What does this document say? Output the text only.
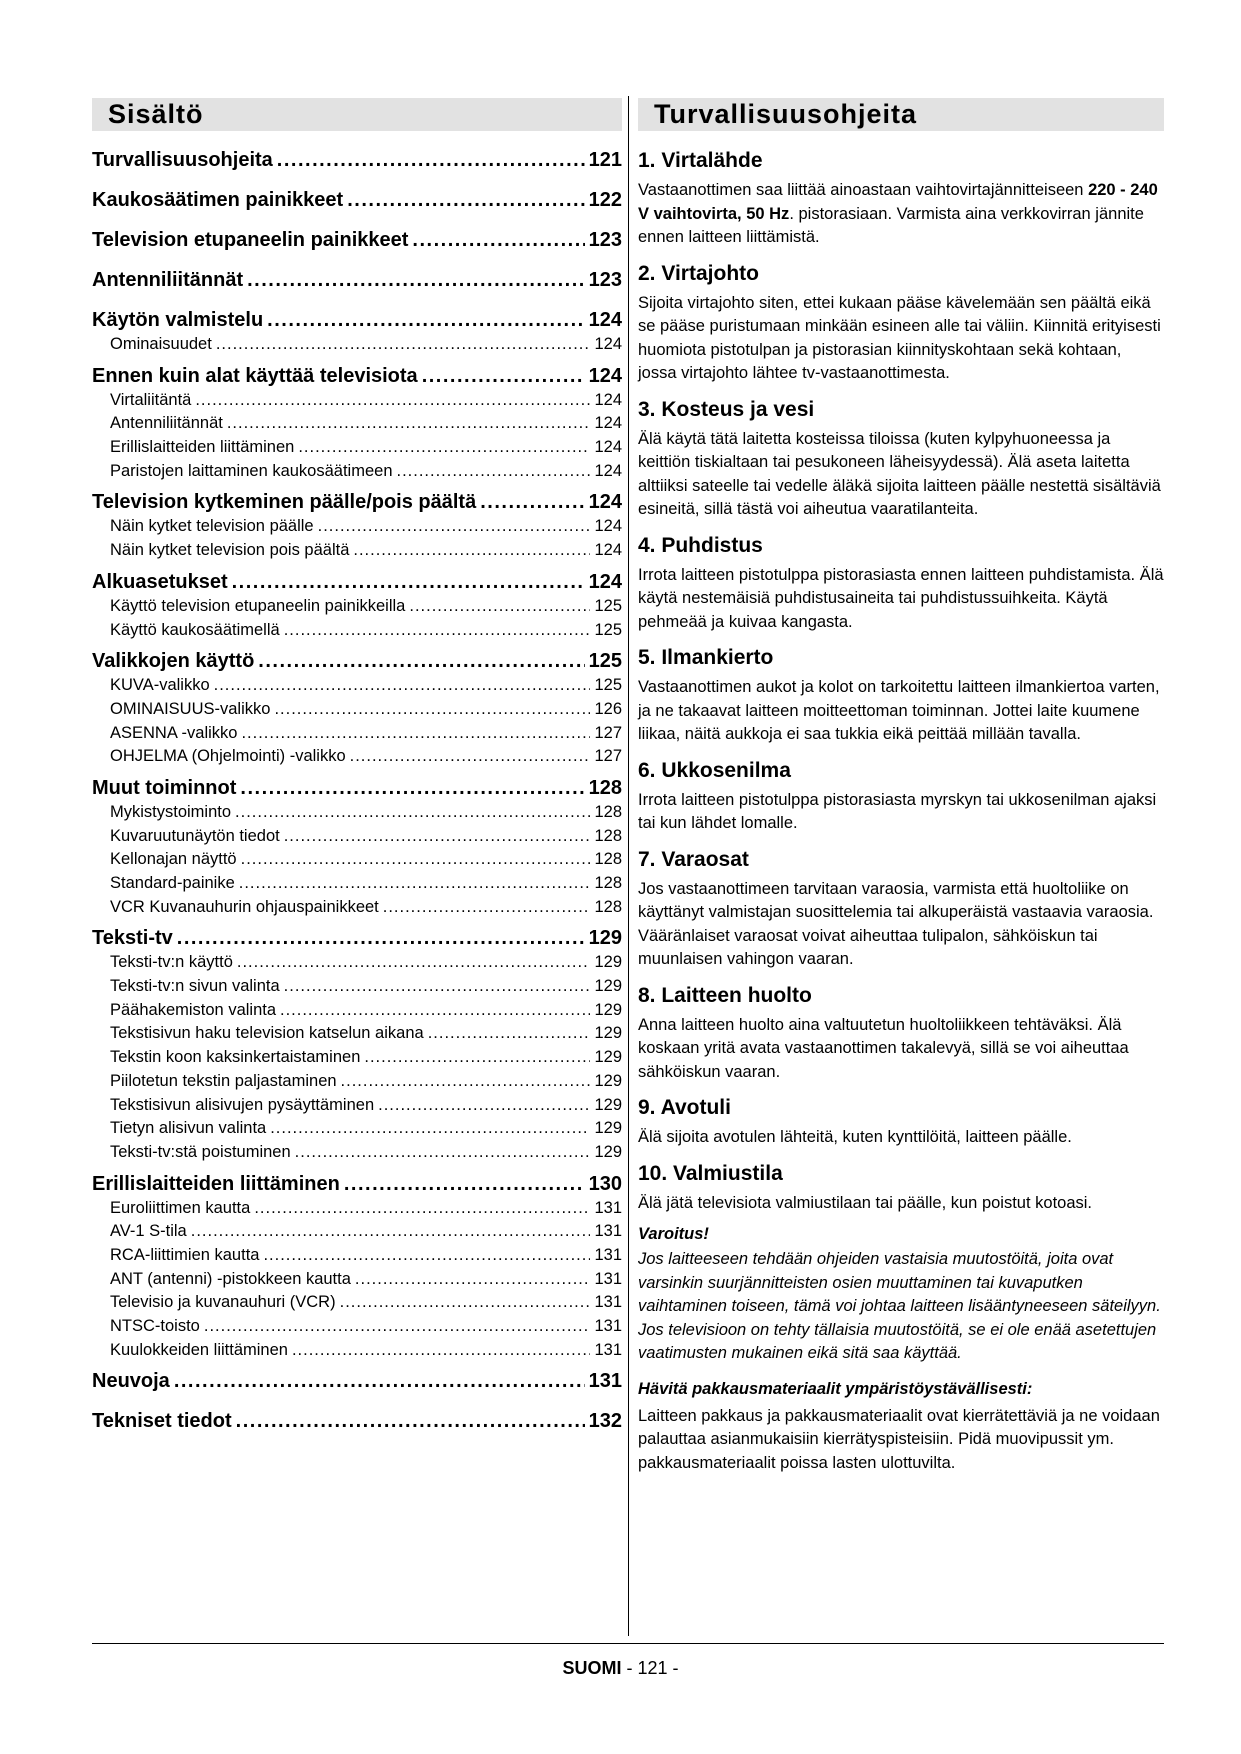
Sisältö
Turvallisuusohjeita .....	121
Kaukosäätimen painikkeet .....	122
Television etupaneelin painikkeet .....	123
Antenniliitännät .....	123
Käytön valmistelu .....	124
Ominaisuudet .....	124
Ennen kuin alat käyttää televisiota .....	124
Virtaliitäntä .....	124
Antenniliitännät .....	124
Erillislaitteiden liittäminen .....	124
Paristojen laittaminen kaukosäätimeen .....	124
Television kytkeminen päälle/pois päältä .....	124
Näin kytket television päälle .....	124
Näin kytket television pois päältä .....	124
Alkuasetukset .....	124
Käyttö television etupaneelin painikkeilla .....	125
Käyttö kaukosäätimellä .....	125
Valikkojen käyttö .....	125
KUVA-valikko .....	125
OMINAISUUS-valikko .....	126
ASENNA -valikko .....	127
OHJELMA (Ohjelmointi) -valikko .....	127
Muut toiminnot .....	128
Mykistystoiminto .....	128
Kuvaruutunäytön tiedot .....	128
Kellonajan näyttö .....	128
Standard-painike .....	128
VCR Kuvanauhurin ohjauspainikkeet .....	128
Teksti-tv .....	129
Teksti-tv:n käyttö .....	129
Teksti-tv:n sivun valinta .....	129
Päähakemiston valinta .....	129
Tekstisivun haku television katselun aikana .....	129
Tekstin koon kaksinkertaistaminen .....	129
Piilotetun tekstin paljastaminen .....	129
Tekstisivun alisivujen pysäyttäminen .....	129
Tietyn alisivun valinta .....	129
Teksti-tv:stä poistuminen .....	129
Erillislaitteiden liittäminen .....	130
Euroliittimen kautta .....	131
AV-1 S-tila .....	131
RCA-liittimien kautta .....	131
ANT (antenni) -pistokkeen kautta .....	131
Televisio ja kuvanauhuri (VCR) .....	131
NTSC-toisto .....	131
Kuulokkeiden liittäminen .....	131
Neuvoja .....	131
Tekniset tiedot .....	132
Turvallisuusohjeita
1. Virtalähde

Vastaanottimen saa liittää ainoastaan vaihtovirtajännitteiseen 220 - 240 V vaihtovirta, 50 Hz. pistorasiaan. Varmista aina verkkovirran jännite ennen laitteen liittämistä.

2. Virtajohto

Sijoita virtajohto siten, ettei kukaan pääse kävelemään sen päältä eikä se pääse puristumaan minkään esineen alle tai väliin. Kiinnitä erityisesti huomiota pistotulpan ja pistorasian kiinnityskohtaan sekä kohtaan, jossa virtajohto lähtee tv-vastaanottimesta.

3. Kosteus ja vesi

Älä käytä tätä laitetta kosteissa tiloissa (kuten kylpyhuoneessa ja keittiön tiskialtaan tai pesukoneen läheisyydessä). Älä aseta laitetta alttiiksi sateelle tai vedelle äläkä sijoita laitteen päälle nestettä sisältäviä esineitä, sillä tästä voi aiheutua vaaratilanteita.

4. Puhdistus

Irrota laitteen pistotulppa pistorasiasta ennen laitteen puhdistamista. Älä käytä nestemäisiä puhdistusaineita tai puhdistussuihkeita. Käytä pehmeää ja kuivaa kangasta.

5. Ilmankierto

Vastaanottimen aukot ja kolot on tarkoitettu laitteen ilmankiertoa varten, ja ne takaavat laitteen moitteettoman toiminnan. Jottei laite kuumene liikaa, näitä aukkoja ei saa tukkia eikä peittää millään tavalla.

6. Ukkosenilma

Irrota laitteen pistotulppa pistorasiasta myrskyn tai ukkosenilman ajaksi tai kun lähdet lomalle.

7. Varaosat

Jos vastaanottimeen tarvitaan varaosia, varmista että huoltoliike on käyttänyt valmistajan suosittelemia tai alkuperäistä vastaavia varaosia. Vääränlaiset varaosat voivat aiheuttaa tulipalon, sähköiskun tai muunlaisen vahingon vaaran.

8. Laitteen huolto

Anna laitteen huolto aina valtuutetun huoltoliikkeen tehtäväksi. Älä koskaan yritä avata vastaanottimen takalevyä, sillä se voi aiheuttaa sähköiskun vaaran.

9. Avotuli

Älä sijoita avotulen lähteitä, kuten kynttilöitä, laitteen päälle.

10. Valmiustila

Älä jätä televisiota valmiustilaan tai päälle, kun poistut kotoasi.

Varoitus!

Jos laitteeseen tehdään ohjeiden vastaisia muutostöitä, joita ovat varsinkin suurjännitteisten osien muuttaminen tai kuvaputken vaihtaminen toiseen, tämä voi johtaa laitteen lisääntyneeseen säteilyyn. Jos televisioon on tehty tällaisia muutostöitä, se ei ole enää asetettujen vaatimusten mukainen eikä sitä saa käyttää.

Hävitä pakkausmateriaalit ympäristöystävällisesti:

Laitteen pakkaus ja pakkausmateriaalit ovat kierrätettäviä ja ne voidaan palauttaa asianmukaisiin kierrätyspisteisiin. Pidä muovipussit ym. pakkausmateriaalit poissa lasten ulottuvilta.

SUOMI - 121 -
